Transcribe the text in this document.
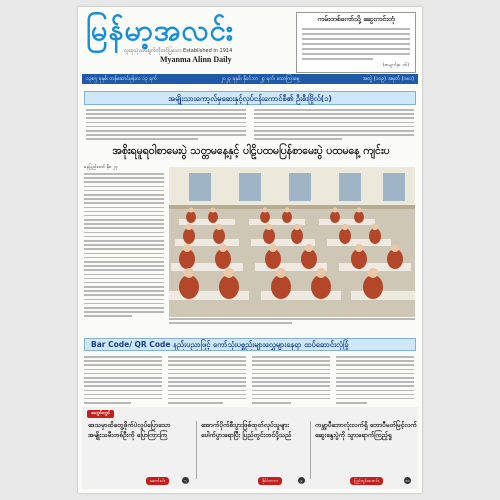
မြန်မာ့အလင်း
လူထုသုံးသပ်ချက်ကိုတင်ပြသော Established in 1914
Myanma Alinn Daily
ကမ်းတစ်ကော်သို့ ဆွေးကင်းတုံ
(စာမျက်နှာ ၁၆)
၁၃၈၅ ခုနှစ်၊ တန်ဆောင်မုန်းလ ၁၃ ရက်	၂၀၂၃ ခုနှစ်၊ နိုဝင်ဘာ ၂၄ ရက်၊ သောကြာနေ့	အတွဲ (၁၀၉) အမှတ် (၁၈၁)
အမျိုးသားကော့လ်မှဆေးနှင့်လုပ်ငန်းကောင်စီ၏ ဦးစီးဗြိုလ်(၁)
အစိုးရမူရဝါစာမေးပွဲ သတ္တမနေ့နှင့် ပါဠိပထမပြန်စာမေးပွဲ ပထမနေ့ ကျင်းပ
နေပြည်တော် နို၀ ၂၃
Bar Code/ QR Code နည်းပညာဖြင့် ကော်သုံးပစ္စည်းများလွှေများနေရာ ထပ်ဆောင်းလုံခြုံ
အတွင်းတွင်
ဒေသမှာထိတွေ့ဖိုက်ပဲလှုပ်ပြောသော အမျိုးသမီးတစ်ဦးကို ပြောကြားကြ
ဆောင်းပါး	၅
အောက်ပိုက်စီးပွားဖြစ်ထုတ်လုပ်သူများ ပေါက်ပွားရောပြီး ပြည်တွင်းတင်ပို့သည်
နိုင်ငံတကာ	၉
ကမ္ဘာ့ပီဘောလုံးလက်ရှိ ဘောပီမတ်မြင့်လက် ဆွေးနွေးပွဲကို သွားရောက်ကြည့်ရှု
ပြည်တွင်းသတင်း	၁၀
